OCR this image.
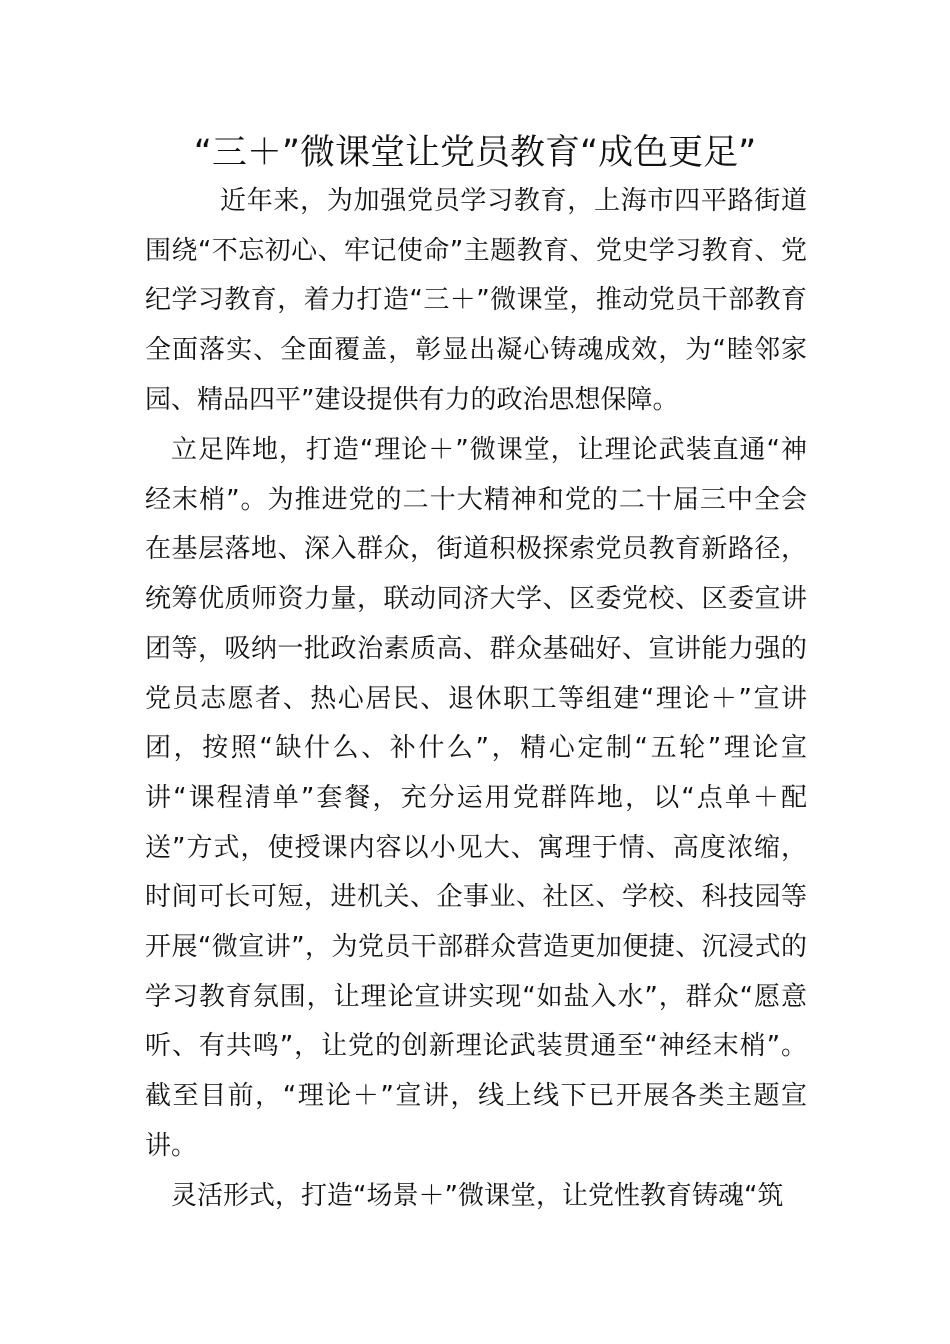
“三＋”微课堂让党员教育“成色更足”

近年来，为加强党员学习教育，上海市四平路街道围绕“不忘初心、牢记使命”主题教育、党史学习教育、党纪学习教育，着力打造“三＋”微课堂，推动党员干部教育全面落实、全面覆盖，彰显出凝心铸魂成效，为“睦邻家园、精品四平”建设提供有力的政治思想保障。

立足阵地，打造“理论＋”微课堂，让理论武装直通“神经末梢”。为推进党的二十大精神和党的二十届三中全会在基层落地、深入群众，街道积极探索党员教育新路径，统筹优质师资力量，联动同济大学、区委党校、区委宣讲团等，吸纳一批政治素质高、群众基础好、宣讲能力强的党员志愿者、热心居民、退休职工等组建“理论＋”宣讲团，按照“缺什么、补什么”，精心定制“五轮”理论宣讲“课程清单”套餐，充分运用党群阵地，以“点单＋配送”方式，使授课内容以小见大、寓理于情、高度浓缩，时间可长可短，进机关、企事业、社区、学校、科技园等开展“微宣讲”，为党员干部群众营造更加便捷、沉浸式的学习教育氛围，让理论宣讲实现“如盐入水”，群众“愿意听、有共鸣”，让党的创新理论武装贯通至“神经末梢”。截至目前，“理论＋”宣讲，线上线下已开展各类主题宣讲。

灵活形式，打造“场景＋”微课堂，让党性教育铸魂“筑
